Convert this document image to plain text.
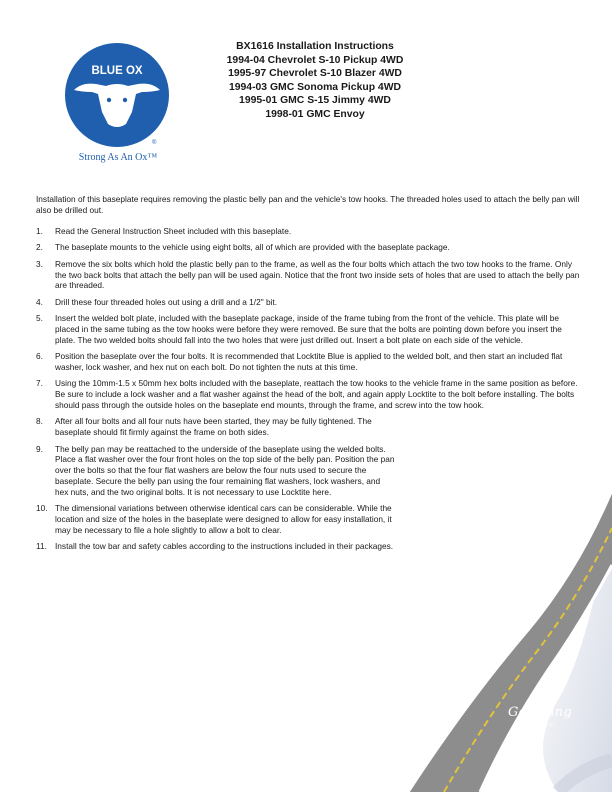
BLUE OX
®
Strong As An Ox™
BX1616 Installation Instructions
1994-04 Chevrolet S-10 Pickup 4WD
1995-97 Chevrolet S-10 Blazer 4WD
1994-03 GMC Sonoma Pickup 4WD
1995-01 GMC S-15 Jimmy 4WD
1998-01 GMC Envoy

Installation of this baseplate requires removing the plastic belly pan and the vehicle's tow hooks. The threaded holes used to attach the belly pan will also be drilled out.

1. Read the General Instruction Sheet included with this baseplate.
2. The baseplate mounts to the vehicle using eight bolts, all of which are provided with the baseplate package.
3. Remove the six bolts which hold the plastic belly pan to the frame, as well as the four bolts which attach the two tow hooks to the frame. Only the two back bolts that attach the belly pan will be used again. Notice that the front two inside sets of holes that are used to attach the belly pan are threaded.
4. Drill these four threaded holes out using a drill and a 1/2" bit.
5. Insert the welded bolt plate, included with the baseplate package, inside of the frame tubing from the front of the vehicle. This plate will be placed in the same tubing as the tow hooks were before they were removed. Be sure that the bolts are pointing down before you insert the plate. The two welded bolts should fall into the two holes that were just drilled out. Insert a bolt plate on each side of the vehicle.
6. Position the baseplate over the four bolts. It is recommended that Locktite Blue is applied to the welded bolt, and then start an included flat washer, lock washer, and hex nut on each bolt. Do not tighten the nuts at this time.
7. Using the 10mm-1.5 x 50mm hex bolts included with the baseplate, reattach the tow hooks to the vehicle frame in the same position as before. Be sure to include a lock washer and a flat washer against the head of the bolt, and again apply Locktite to the bolt before installing. The bolts should pass through the outside holes on the baseplate end mounts, through the frame, and screw into the tow hook.
8. After all four bolts and all four nuts have been started, they may be fully tightened. The baseplate should fit firmly against the frame on both sides.
9. The belly pan may be reattached to the underside of the baseplate using the welded bolts. Place a flat washer over the four front holes on the top side of the belly pan. Position the pan over the bolts so that the four flat washers are below the four nuts used to secure the baseplate. Secure the belly pan using the four remaining flat washers, lock washers, and hex nuts, and the two original bolts. It is not necessary to use Locktite here.
10. The dimensional variations between otherwise identical cars can be considerable. While the location and size of the holes in the baseplate were designed to allow for easy installation, it may be necessary to file a hole slightly to allow a bolt to clear.
11. Install the tow bar and safety cables according to the instructions included in their packages.
Go RVing
Life's a Trip
